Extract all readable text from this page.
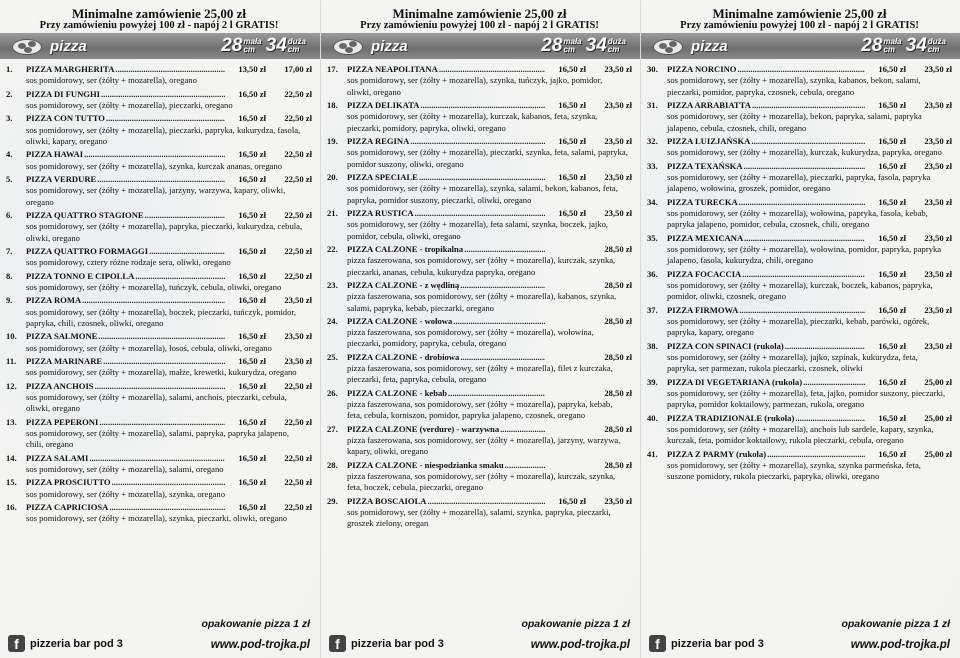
Minimalne zamówienie 25,00 zł
Przy zamówieniu powyżej 100 zł - napój 2 l GRATIS!
pizza	28 mała
cm 34 duża
cm
1.	PIZZA MARGHERITA .....	13,50 zł	17,00 zł
sos pomidorowy, ser (żółty + mozarella), oregano
2.	PIZZA DI FUNGHI .....	16,50 zł	22,50 zł
sos pomidorowy, ser (żółty + mozarella), pieczarki, oregano
3.	PIZZA CON TUTTO .....	16,50 zł	22,50 zł
sos pomidorowy, ser (żółty + mozarella), pieczarki, papryka, kukurydza, fasola, oliwki, kapary, oregano
4.	PIZZA HAWAI .....	16,50 zł	22,50 zł
sos pomidorowy, ser (żółty + mozarella), szynka, kurczak ananas, oregano
5.	PIZZA VERDURE .....	16,50 zł	22,50 zł
sos pomidorowy, ser (żółty + mozarella), jarzyny, warzywa, kapary, oliwki, oregano
6.	PIZZA QUATTRO STAGIONE .....	16,50 zł	22,50 zł
sos pomidorowy, ser (żółty + mozarella), papryka, pieczarki, kukurydza, cebula, oliwki, oregano
7.	PIZZA QUATTRO FORMAGGI .....	16,50 zł	22,50 zł
sos pomidorowy, cztery różne rodzaje sera, oliwki, oregano
8.	PIZZA TONNO E CIPOLLA .....	16,50 zł	22,50 zł
sos pomidorowy, ser (żółty + mozarella), tuńczyk, cebula, oliwki, oregano
9.	PIZZA ROMA .....	16,50 zł	23,50 zł
sos pomidorowy, ser (żółty + mozarella), boczek, pieczarki, tuńczyk, pomidor, papryka, chili, czosnek, oliwki, oregano
10.	PIZZA SALMONE .....	16,50 zł	23,50 zł
sos pomidorowy, ser (żółty + mozarella), łosoś, cebula, oliwki, oregano
11.	PIZZA MARINARE .....	16,50 zł	23,50 zł
sos pomidorowy, ser (żółty + mozarella), małże, krewetki, kukurydza, oregano
12.	PIZZA ANCHOIS .....	16,50 zł	22,50 zł
sos pomidorowy, ser (żółty + mozarella), salami, anchois, pieczarki, cebula, oliwki, oregano
13.	PIZZA PEPERONI .....	16,50 zł	22,50 zł
sos pomidorowy, ser (żółty + mozarella), salami, papryka, papryka jalapeno, chili, oregano
14.	PIZZA SALAMI .....	16,50 zł	22,50 zł
sos pomidorowy, ser (żółty + mozarella), salami, oregano
15.	PIZZA PROSCIUTTO .....	16,50 zł	22,50 zł
sos pomidorowy, ser (żółty + mozarella), szynka, oregano
16.	PIZZA CAPRICIOSA .....	16,50 zł	22,50 zł
sos pomidorowy, ser (żółty + mozarella), szynka, pieczarki, oliwki, oregano
opakowanie pizza 1 zł
f	pizzeria bar pod 3	www.pod-trojka.pl
Minimalne zamówienie 25,00 zł
Przy zamówieniu powyżej 100 zł - napój 2 l GRATIS!
pizza	28 mała
cm 34 duża
cm
17.	PIZZA NEAPOLITANA .....	16,50 zł	23,50 zł
sos pomidorowy, ser (żółty + mozarella), szynka, tuńczyk, jajko, pomidor, oliwki, oregano
18.	PIZZA DELIKATA .....	16,50 zł	23,50 zł
sos pomidorowy, ser (żółty + mozarella), kurczak, kabanos, feta, szynka, pieczarki, pomidory, papryka, oliwki, oregano
19.	PIZZA REGINA .....	16,50 zł	23,50 zł
sos pomidorowy, ser (żółty + mozarella), pieczarki, szynka, feta, salami, papryka, pomidor suszony, oliwki, oregano
20.	PIZZA SPECIALE .....	16,50 zł	23,50 zł
sos pomidorowy, ser (żółty + mozarella), szynka, salami, bekon, kabanos, feta, papryka, pomidor suszony, pieczarki, oliwki, oregano
21.	PIZZA RUSTICA .....	16,50 zł	23,50 zł
sos pomidorowy, ser (żółty + mozarella), feta salami, szynka, boczek, jajko, pomidor, cebula, oliwki, oregano
22.	PIZZA CALZONE - tropikalna .....	28,50 zł
pizza faszerowana, sos pomidorowy, ser (żółty + mozarella), kurczak, szynka, pieczarki, ananas, cebula, kukurydza papryka, oregano
23.	PIZZA CALZONE - z wędliną .....	28,50 zł
pizza faszerowana, sos pomidorowy, ser (żółty + mozarella), kabanos, szynka, salami, papryka, kebab, pieczarki, oregano
24.	PIZZA CALZONE - wołowa .....	28,50 zł
pizza faszerowana, sos pomidorowy, ser (żółty + mozarella), wołowina, pieczarki, pomidory, papryka, cebula, oregano
25.	PIZZA CALZONE - drobiowa .....	28,50 zł
pizza faszerowana, sos pomidorowy, ser (żółty + mozarella), filet z kurczaka, pieczarki, feta, papryka, cebula, oregano
26.	PIZZA CALZONE - kebab .....	28,50 zł
pizza faszerowana, sos pomidorowy, ser (żółty + mozarella), papryka, kebab, feta, cebula, korniszon, pomidor, papryka jalapeno, czosnek, oregano
27.	PIZZA CALZONE (verdure) - warzywna .....	28,50 zł
pizza faszerowana, sos pomidorowy, ser (żółty + mozarella), jarzyny, warzywa, kapary, oliwki, oregano
28.	PIZZA CALZONE - niespodzianka smaku .....	28,50 zł
pizza faszerowana, sos pomidorowy, ser (żółty + mozarella), kurczak, szynka, feta, boczek, cebula, pieczarki, oregano
29.	PIZZA BOSCAIOLA .....	16,50 zł	23,50 zł
sos pomidorowy, ser (żółty + mozarella), salami, szynka, papryka, pieczarki, groszek zielony, oregan
opakowanie pizza 1 zł
f	pizzeria bar pod 3	www.pod-trojka.pl
Minimalne zamówienie 25,00 zł
Przy zamówieniu powyżej 100 zł - napój 2 l GRATIS!
pizza	28 mała
cm 34 duża
cm
30.	PIZZA NORCINO .....	16,50 zł	23,50 zł
sos pomidorowy, ser (żółty + mozarella), szynka, kabanos, bekon, salami, pieczarki, pomidor, papryka, czosnek, cebula, oregano
31.	PIZZA ARRABIATTA .....	16,50 zł	23,50 zł
sos pomidorowy, ser (żółty + mozarella), bekon, papryka, salami, papryka jalapeno, cebula, czosnek, chili, oregano
32.	PIZZA LUIZJAŃSKA .....	16,50 zł	23,50 zł
sos pomidorowy, ser (żółty + mozarella), kurczak, kukurydza, papryka, oregano
33.	PIZZA TEXAŃSKA .....	16,50 zł	23,50 zł
sos pomidorowy, ser (żółty + mozarella), pieczarki, papryka, fasola, papryka jalapeno, wołowina, groszek, pomidor, oregano
34.	PIZZA TURECKA .....	16,50 zł	23,50 zł
sos pomidorowy, ser (żółty + mozarella), wołowina, papryka, fasola, kebab, papryka jalapeno, pomidor, cebula, czosnek, chili, oregano
35.	PIZZA MEXICANA .....	16,50 zł	23,50 zł
sos pomidorowy, ser (żółty + mozarella), wołowina, pomidor, papryka, papryka jalapeno, fasola, kukurydza, chili, oregano
36.	PIZZA FOCACCIA .....	16,50 zł	23,50 zł
sos pomidorowy, ser (żółty + mozarella), kurczak, boczek, kabanos, papryka, pomidor, oliwki, czosnek, oregano
37.	PIZZA FIRMOWA .....	16,50 zł	23,50 zł
sos pomidorowy, ser (żółty + mozarella), pieczarki, kebab, parówki, ogórek, papryka, kapary, oregano
38.	PIZZA CON SPINACI (rukola) .....	16,50 zł	23,50 zł
sos pomidorowy, ser (żółty + mozarella), jajko, szpinak, kukurydza, feta, papryka, ser parmezan, rukola pieczarki, czosnek, oliwki
39.	PIZZA DI VEGETARIANA (rukola) .....	16,50 zł	25,00 zł
sos pomidorowy, ser (żółty + mozarella), feta, jajko, pomidor suszony, pieczarki, papryka, pomidor koktailowy, parmezan, rukola, oregano
40.	PIZZA TRADIZIONALE (rukola) .....	16,50 zł	25,00 zł
sos pomidorowy, ser (żółty + mozarella), anchois lub sardele, kapary, szynka, kurczak, feta, pomidor koktailowy, rukola pieczarki, cebula, oregano
41.	PIZZA Z PARMY (rukola) .....	16,50 zł	25,00 zł
sos pomidorowy, ser (żółty + mozarella), szynka, szynka parmeńska, feta, suszone pomidory, rukola pieczarki, papryka, oliwki, oregano
opakowanie pizza 1 zł
f	pizzeria bar pod 3	www.pod-trojka.pl
